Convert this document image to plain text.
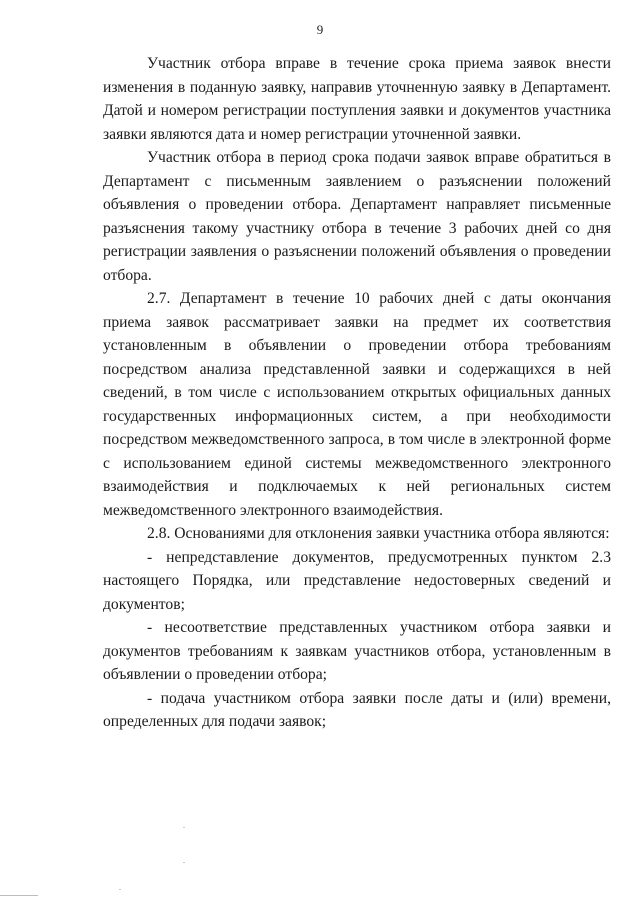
9

Участник отбора вправе в течение срока приема заявок внести изменения в поданную заявку, направив уточненную заявку в Департамент. Датой и номером регистрации поступления заявки и документов участника заявки являются дата и номер регистрации уточненной заявки.

Участник отбора в период срока подачи заявок вправе обратиться в Департамент с письменным заявлением о разъяснении положений объявления о проведении отбора. Департамент направляет письменные разъяснения такому участнику отбора в течение 3 рабочих дней со дня регистрации заявления о разъяснении положений объявления о проведении отбора.

2.7. Департамент в течение 10 рабочих дней с даты окончания приема заявок рассматривает заявки на предмет их соответствия установленным в объявлении о проведении отбора требованиям посредством анализа представленной заявки и содержащихся в ней сведений, в том числе с использованием открытых официальных данных государственных информационных систем, а при необходимости посредством межведомственного запроса, в том числе в электронной форме с использованием единой системы межведомственного электронного взаимодействия и подключаемых к ней региональных систем межведомственного электронного взаимодействия.

2.8. Основаниями для отклонения заявки участника отбора являются:

- непредставление документов, предусмотренных пунктом 2.3 настоящего Порядка, или представление недостоверных сведений и документов;

- несоответствие представленных участником отбора заявки и документов требованиям к заявкам участников отбора, установленным в объявлении о проведении отбора;

- подача участником отбора заявки после даты и (или) времени, определенных для подачи заявок;
